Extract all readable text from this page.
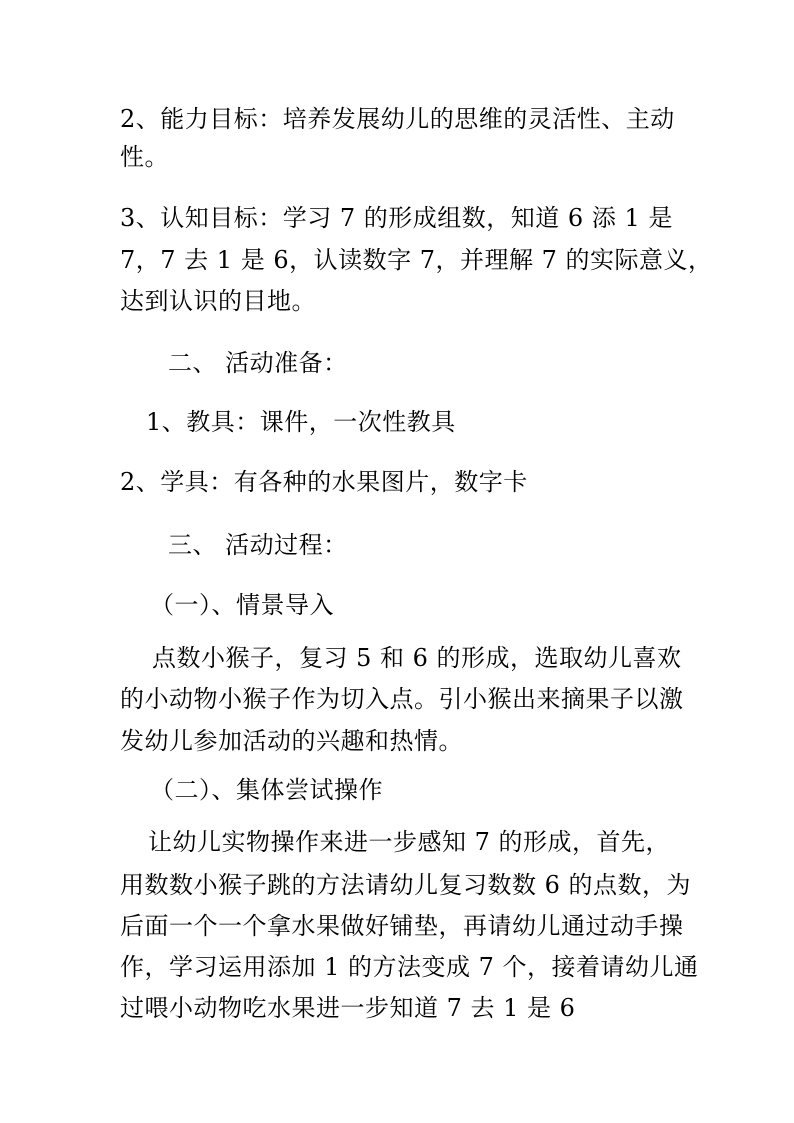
2、能力目标：培养发展幼儿的思维的灵活性、主动
性。
3、认知目标：学习 7 的形成组数，知道 6 添 1 是
7，7 去 1 是 6，认读数字 7，并理解 7 的实际意义，
达到认识的目地。
二、 活动准备：
1、教具：课件，一次性教具
2、学具：有各种的水果图片，数字卡
三、 活动过程：
（一）、情景导入
点数小猴子，复习 5 和 6 的形成，选取幼儿喜欢
的小动物小猴子作为切入点。引小猴出来摘果子以激
发幼儿参加活动的兴趣和热情。
（二）、集体尝试操作
让幼儿实物操作来进一步感知 7 的形成，首先，
用数数小猴子跳的方法请幼儿复习数数 6 的点数，为
后面一个一个拿水果做好铺垫，再请幼儿通过动手操
作，学习运用添加 1 的方法变成 7 个，接着请幼儿通
过喂小动物吃水果进一步知道 7 去 1 是 6
